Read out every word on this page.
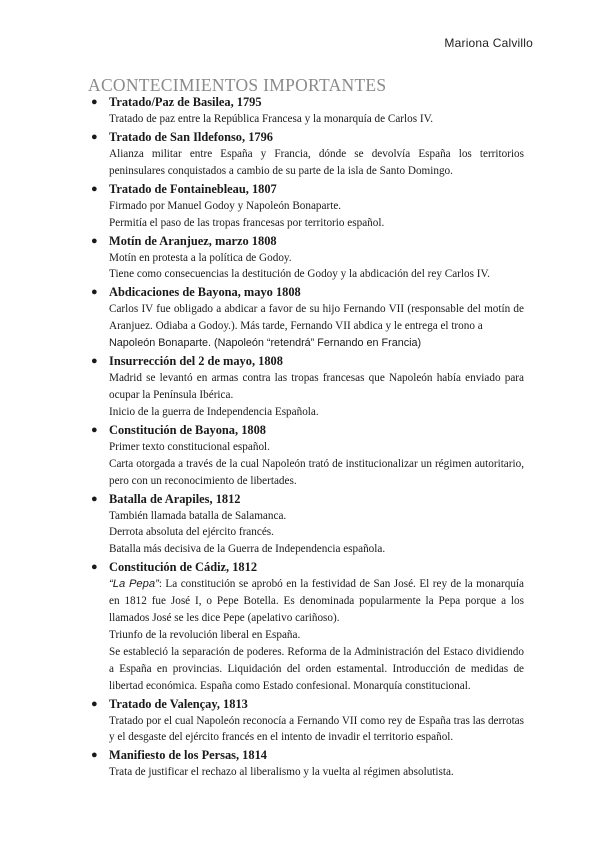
Mariona Calvillo
ACONTECIMIENTOS IMPORTANTES
● Tratado/Paz de Basilea, 1795
Tratado de paz entre la República Francesa y la monarquía de Carlos IV.
● Tratado de San Ildefonso, 1796
Alianza militar entre España y Francia, dónde se devolvía España los territorios peninsulares conquistados a cambio de su parte de la isla de Santo Domingo.
● Tratado de Fontainebleau, 1807
Firmado por Manuel Godoy y Napoleón Bonaparte.
Permitía el paso de las tropas francesas por territorio español.
● Motín de Aranjuez, marzo 1808
Motín en protesta a la política de Godoy.
Tiene como consecuencias la destitución de Godoy y la abdicación del rey Carlos IV.
● Abdicaciones de Bayona, mayo 1808
Carlos IV fue obligado a abdicar a favor de su hijo Fernando VII (responsable del motín de Aranjuez. Odiaba a Godoy.). Más tarde, Fernando VII abdica y le entrega el trono a
Napoleón Bonaparte. (Napoleón “retendrá” Fernando en Francia)
● Insurrección del 2 de mayo, 1808
Madrid se levantó en armas contra las tropas francesas que Napoleón había enviado para ocupar la Península Ibérica.
Inicio de la guerra de Independencia Española.
● Constitución de Bayona, 1808
Primer texto constitucional español.
Carta otorgada a través de la cual Napoleón trató de institucionalizar un régimen autoritario, pero con un reconocimiento de libertades.
● Batalla de Arapiles, 1812
También llamada batalla de Salamanca.
Derrota absoluta del ejército francés.
Batalla más decisiva de la Guerra de Independencia española.
● Constitución de Cádiz, 1812
“La Pepa”: La constitución se aprobó en la festividad de San José. El rey de la monarquía en 1812 fue José I, o Pepe Botella. Es denominada popularmente la Pepa porque a los llamados José se les dice Pepe (apelativo cariñoso).
Triunfo de la revolución liberal en España.
Se estableció la separación de poderes. Reforma de la Administración del Estaco dividiendo a España en provincias. Liquidación del orden estamental. Introducción de medidas de libertad económica. España como Estado confesional. Monarquía constitucional.
● Tratado de Valençay, 1813
Tratado por el cual Napoleón reconocía a Fernando VII como rey de España tras las derrotas y el desgaste del ejército francés en el intento de invadir el territorio español.
● Manifiesto de los Persas, 1814
Trata de justificar el rechazo al liberalismo y la vuelta al régimen absolutista.
